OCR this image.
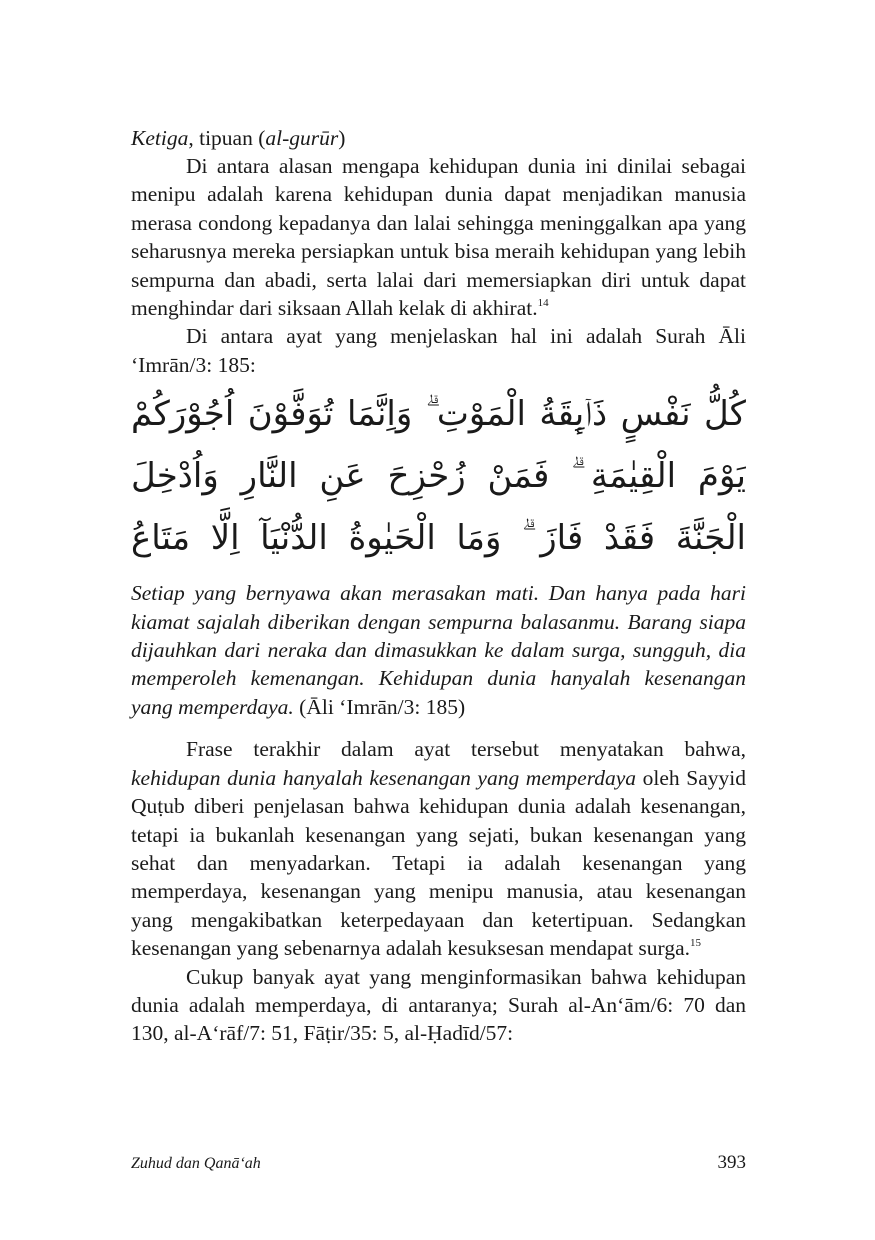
Ketiga, tipuan (al-gurūr)

Di antara alasan mengapa kehidupan dunia ini dinilai sebagai menipu adalah karena kehidupan dunia dapat menjadikan manusia merasa condong kepadanya dan lalai sehingga meninggalkan apa yang seharusnya mereka persiapkan untuk bisa meraih kehidupan yang lebih sempurna dan abadi, serta lalai dari memersiapkan diri untuk dapat menghindar dari siksaan Allah kelak di akhirat.$^{14}$

Di antara ayat yang menjelaskan hal ini adalah Surah Āli ‘Imrān/3: 185:

كُلُّ نَفْسٍ ذَاۤىِٕقَةُ الْمَوْتِ ۗ وَاِنَّمَا تُوَفَّوْنَ اُجُوْرَكُمْ يَوْمَ الْقِيٰمَةِ ۗ فَمَنْ زُحْزِحَ عَنِ النَّارِ وَاُدْخِلَ الْجَنَّةَ فَقَدْ فَازَ ۗ وَمَا الْحَيٰوةُ الدُّنْيَآ اِلَّا مَتَاعُ

Setiap yang bernyawa akan merasakan mati. Dan hanya pada hari kiamat sajalah diberikan dengan sempurna balasanmu. Barang siapa dijauhkan dari neraka dan dimasukkan ke dalam surga, sungguh, dia memperoleh kemenangan. Kehidupan dunia hanyalah kesenangan yang memperdaya. (Āli ‘Imrān/3: 185)

Frase terakhir dalam ayat tersebut menyatakan bahwa, kehidupan dunia hanyalah kesenangan yang memperdaya oleh Sayyid Quṭub diberi penjelasan bahwa kehidupan dunia adalah kesenangan, tetapi ia bukanlah kesenangan yang sejati, bukan kesenangan yang sehat dan menyadarkan. Tetapi ia adalah kesenangan yang memperdaya, kesenangan yang menipu manusia, atau kesenangan yang mengakibatkan keterpedayaan dan ketertipuan. Sedangkan kesenangan yang sebenarnya adalah kesuksesan mendapat surga.$^{15}$

Cukup banyak ayat yang menginformasikan bahwa kehidupan dunia adalah memperdaya, di antaranya; Surah al-An‘ām/6: 70 dan 130, al-A‘rāf/7: 51, Fāṭir/35: 5, al-Ḥadīd/57:

Zuhud dan Qanā‘ah	393
